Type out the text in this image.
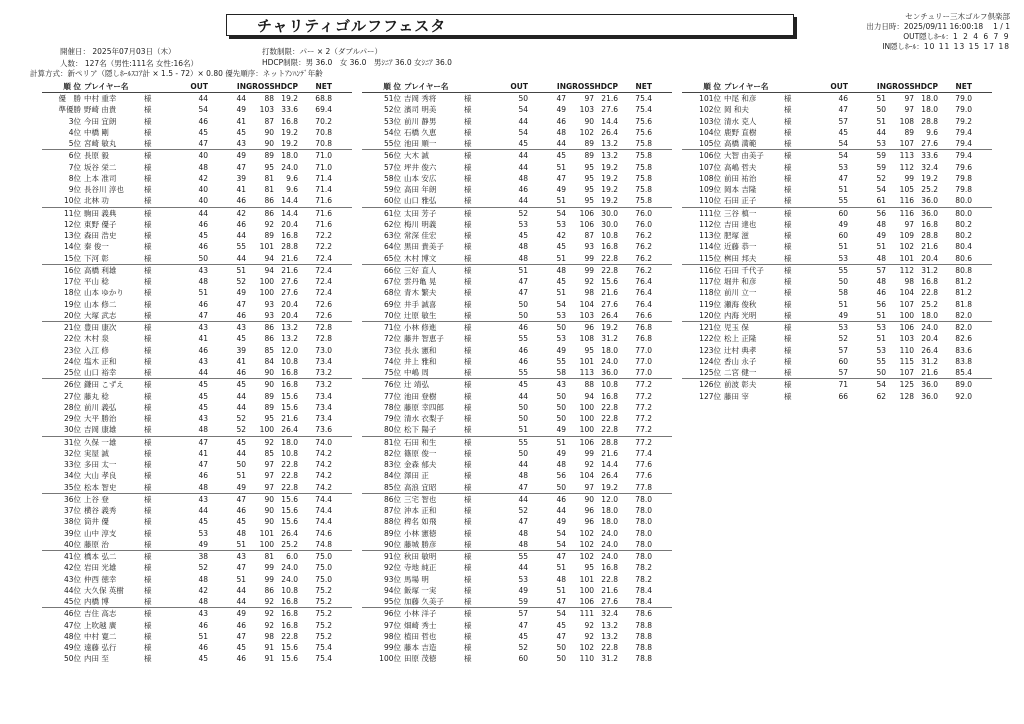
チャリティゴルフフェスタ	センチュリー三木ゴルフ倶楽部
出力日時：2025/09/11 16:00:18 1 / 1
OUT隠しﾎｰﾙ：1 2 4 6 7 9
IN隠しﾎｰﾙ：10 11 13 15 17 18
開催日： 2025年07月03日（木）
人数： 127名（男性:111名 女性:16名）
計算方式：新ペリア（隠しﾎｰﾙｽｺｱ計 × 1.5 - 72）× 0.80 優先順序：ネットｱﾝﾊﾝﾃﾞ年齢
打数制限：パー × 2（ダブルパー）
HDCP制限：男 36.0　女 36.0　男ｼﾆｱ 36.0 女ｼﾆｱ 36.0
順 位 プレイヤー名	OUT	IN GROSS HDCP	NET
優　勝 中村 重幸	様	44	44	88 19.2	68.8
準優勝 野崎 由貴	様	54	49	103 33.6	69.4
3位 今田 宜朗	様	46	41	87 16.8	70.2
4位 中橋 剛	様	45	45	90 19.2	70.8
5位 宮崎 敏丸	様	47	43	90 19.2	70.8
6位 長原 毅	様	40	49	89 18.0	71.0
7位 坂谷 栄二	様	48	47	95 24.0	71.0
8位 上本 准司	様	42	39	81	9.6	71.4
9位 長谷川 淳也	様	40	41	81	9.6	71.4
10位 北林 功	様	40	46	86 14.4	71.6
11位 駒田 義典	様	44	42	86 14.4	71.6
12位 東野 優子	様	46	46	92 20.4	71.6
13位 森田 浩史	様	45	44	89 16.8	72.2
14位 秦 俊一	様	46	55	101 28.8	72.2
15位 下河 彰	様	50	44	94 21.6	72.4
16位 高橋 利雄	様	43	51	94 21.6	72.4
17位 平山 稔	様	48	52	100 27.6	72.4
18位 山本 ゆかり	様	51	49	100 27.6	72.4
19位 山本 修二	様	46	47	93 20.4	72.6
20位 大塚 武志	様	47	46	93 20.4	72.6
21位 豊田 康次	様	43	43	86 13.2	72.8
22位 木村 泉	様	41	45	86 13.2	72.8
23位 入江 修	様	46	39	85 12.0	73.0
24位 塩木 正和	様	43	41	84 10.8	73.4
25位 山口 裕幸	様	44	46	90 16.8	73.2
26位 鎌田 こずえ	様	45	45	90 16.8	73.2
27位 藤丸 稔	様	45	44	89 15.6	73.4
28位 前川 義弘	様	45	44	89 15.6	73.4
29位 大平 勝治	様	43	52	95 21.6	73.4
30位 吉岡 康雄	様	48	52	100 26.4	73.6
31位 久保 一雄	様	47	45	92 18.0	74.0
32位 実屋 誠	様	41	44	85 10.8	74.2
33位 多田 太一	様	47	50	97 22.8	74.2
34位 大山 孝良	様	46	51	97 22.8	74.2
35位 松本 智史	様	48	49	97 22.8	74.2
36位 上谷 登	様	43	47	90 15.6	74.4
37位 横谷 義秀	様	44	46	90 15.6	74.4
38位 筒井 優	様	45	45	90 15.6	74.4
39位 山中 淳支	様	53	48	101 26.4	74.6
40位 藤原 治	様	49	51	100 25.2	74.8
41位 橋本 弘二	様	38	43	81	6.0	75.0
42位 岩田 光雄	様	52	47	99 24.0	75.0
43位 仲西 徳幸	様	48	51	99 24.0	75.0
44位 大久保 英樹	様	42	44	86 10.8	75.2
45位 内橋 博	様	48	44	92 16.8	75.2
46位 吉住 高志	様	43	49	92 16.8	75.2
47位 上吹越 廣	様	46	46	92 16.8	75.2
48位 中村 寛二	様	51	47	98 22.8	75.2
49位 遠藤 弘行	様	46	45	91 15.6	75.4
50位 内田 至	様	45	46	91 15.6	75.4
順 位 プレイヤー名	OUT	IN GROSS HDCP	NET
51位 吉岡 秀将	様	50	47	97 21.6	75.4
52位 濱司 明美	様	54	49	103 27.6	75.4
53位 前川 静男	様	44	46	90 14.4	75.6
54位 石橋 久恵	様	54	48	102 26.4	75.6
55位 池田 順一	様	45	44	89 13.2	75.8
56位 大木 誠	様	44	45	89 13.2	75.8
57位 坪井 俊六	様	44	51	95 19.2	75.8
58位 山本 安広	様	48	47	95 19.2	75.8
59位 高田 年朗	様	46	49	95 19.2	75.8
60位 山口 雅弘	様	44	51	95 19.2	75.8
61位 太田 芳子	様	52	54	106 30.0	76.0
62位 梅川 明義	様	53	53	106 30.0	76.0
63位 常深 佳宏	様	45	42	87 10.8	76.2
64位 黒田 貴美子	様	48	45	93 16.8	76.2
65位 木村 博文	様	48	51	99 22.8	76.2
66位 三好 直人	様	51	48	99 22.8	76.2
67位 雲丹亀 晃	様	47	45	92 15.6	76.4
68位 青木 繁夫	様	47	51	98 21.6	76.4
69位 井手 誠喜	様	50	54	104 27.6	76.4
70位 辻原 敏生	様	50	53	103 26.4	76.6
71位 小林 修進	様	46	50	96 19.2	76.8
72位 藤井 智恵子	様	55	53	108 31.2	76.8
73位 長永 憲和	様	46	49	95 18.0	77.0
74位 井上 雅和	様	46	55	101 24.0	77.0
75位 中嶋 周	様	55	58	113 36.0	77.0
76位 辻 靖弘	様	45	43	88 10.8	77.2
77位 池田 登樹	様	44	50	94 16.8	77.2
78位 藤原 幸四郎	様	50	50	100 22.8	77.2
79位 清水 衣梨子	様	50	50	100 22.8	77.2
80位 松下 陽子	様	51	49	100 22.8	77.2
81位 石田 和生	様	55	51	106 28.8	77.2
82位 篠原 俊一	様	50	49	99 21.6	77.4
83位 金森 郁夫	様	44	48	92 14.4	77.6
84位 澤田 正	様	48	56	104 26.4	77.6
85位 高浪 宜昭	様	47	50	97 19.2	77.8
86位 三宅 智也	様	44	46	90 12.0	78.0
87位 沖本 正和	様	52	44	96 18.0	78.0
88位 稗名 如飛	様	47	49	96 18.0	78.0
89位 小林 憲徳	様	48	54	102 24.0	78.0
90位 藤城 勝彦	様	48	54	102 24.0	78.0
91位 秋田 敏明	様	55	47	102 24.0	78.0
92位 寺地 純正	様	44	51	95 16.8	78.2
93位 馬場 明	様	53	48	101 22.8	78.2
94位 飯塚 一実	様	49	51	100 21.6	78.4
95位 加藤 久美子	様	59	47	106 27.6	78.4
96位 小林 洋子	様	57	54	111 32.4	78.6
97位 畑崎 秀士	様	47	45	92 13.2	78.8
98位 植田 哲也	様	45	47	92 13.2	78.8
99位 藤本 吉造	様	52	50	102 22.8	78.8
100位 田原 茂徳	様	60	50	110 31.2	78.8
順 位 プレイヤー名	OUT	IN GROSS HDCP	NET
101位 中尾 和彦	様	46	51	97 18.0	79.0
102位 岡 和夫	様	47	50	97 18.0	79.0
103位 清水 克人	様	57	51	108 28.8	79.2
104位 鹿野 直樹	様	45	44	89	9.6	79.4
105位 高橋 満範	様	54	53	107 27.6	79.4
106位 大智 由美子	様	54	59	113 33.6	79.4
107位 高嶋 哲夫	様	53	59	112 32.4	79.6
108位 前田 祐治	様	47	52	99 19.2	79.8
109位 岡本 吉隆	様	51	54	105 25.2	79.8
110位 石田 正子	様	55	61	116 36.0	80.0
111位 三谷 槙一	様	60	56	116 36.0	80.0
112位 吉田 達也	様	49	48	97 16.8	80.2
113位 肥塚 滋	様	60	49	109 28.8	80.2
114位 近藤 恭一	様	51	51	102 21.6	80.4
115位 桝田 邦夫	様	53	48	101 20.4	80.6
116位 石田 千代子	様	55	57	112 31.2	80.8
117位 堀井 和彦	様	50	48	98 16.8	81.2
118位 前川 立一	様	58	46	104 22.8	81.2
119位 瀬海 俊秋	様	51	56	107 25.2	81.8
120位 内海 光明	様	49	51	100 18.0	82.0
121位 児玉 保	様	53	53	106 24.0	82.0
122位 松上 正隆	様	52	51	103 20.4	82.6
123位 辻村 典孝	様	57	53	110 26.4	83.6
124位 香山 永子	様	60	55	115 31.2	83.8
125位 二宮 健一	様	57	50	107 21.6	85.4
126位 前波 彰夫	様	71	54	125 36.0	89.0
127位 藤田 宰	様	66	62	128 36.0	92.0
